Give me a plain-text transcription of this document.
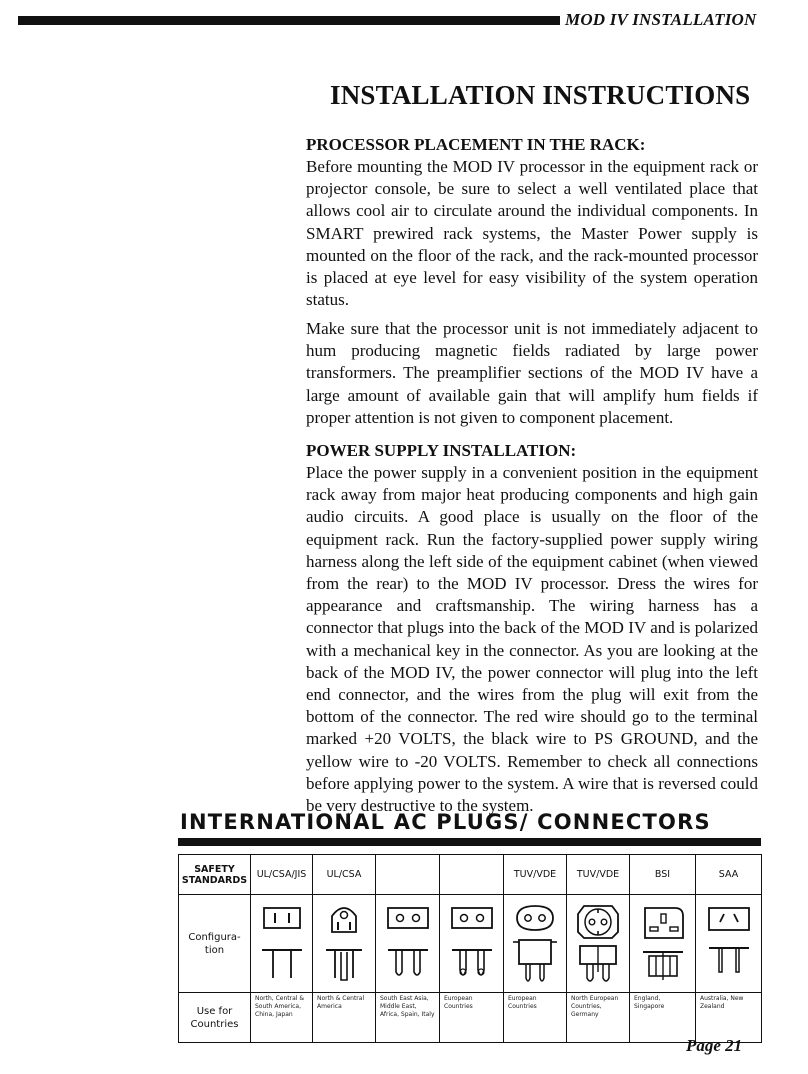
MOD IV INSTALLATION
INSTALLATION INSTRUCTIONS

PROCESSOR PLACEMENT IN THE RACK:

Before mounting the MOD IV processor in the equipment rack or projector console, be sure to select a well ventilated place that allows cool air to circulate around the individual components. In SMART prewired rack systems, the Master Power supply is mounted on the floor of the rack, and the rack-mounted processor is placed at eye level for easy visibility of the system operation status.

Make sure that the processor unit is not immediately adjacent to hum producing magnetic fields radiated by large power transformers. The preamplifier sections of the MOD IV have a large amount of available gain that will amplify hum fields if proper attention is not given to component placement.

POWER SUPPLY INSTALLATION:

Place the power supply in a convenient position in the equipment rack away from major heat producing components and high gain audio circuits. A good place is usually on the floor of the equipment rack. Run the factory-supplied power supply wiring harness along the left side of the equipment cabinet (when viewed from the rear) to the MOD IV processor. Dress the wires for appearance and craftsmanship. The wiring harness has a connector that plugs into the back of the MOD IV and is polarized with a mechanical key in the connector. As you are looking at the back of the MOD IV, the power connector will plug into the left end connector, and the wires from the plug will exit from the bottom of the connector. The red wire should go to the terminal marked +20 VOLTS, the black wire to PS GROUND, and the yellow wire to -20 VOLTS. Remember to check all connections before applying power to the system. A wire that is reversed could be very destructive to the system.

INTERNATIONAL AC PLUGS/ CONNECTORS
SAFETY STANDARDS	UL/CSA/JIS	UL/CSA			TUV/VDE	TUV/VDE	BSI	SAA
Configura-tion	

Use for Countries	North, Central & South America, China, Japan	North & Central America	South East Asia, Middle East, Africa, Spain, Italy	European Countries	European Countries	North European Countries, Germany	England, Singapore	Australia, New Zealand
Page 21
